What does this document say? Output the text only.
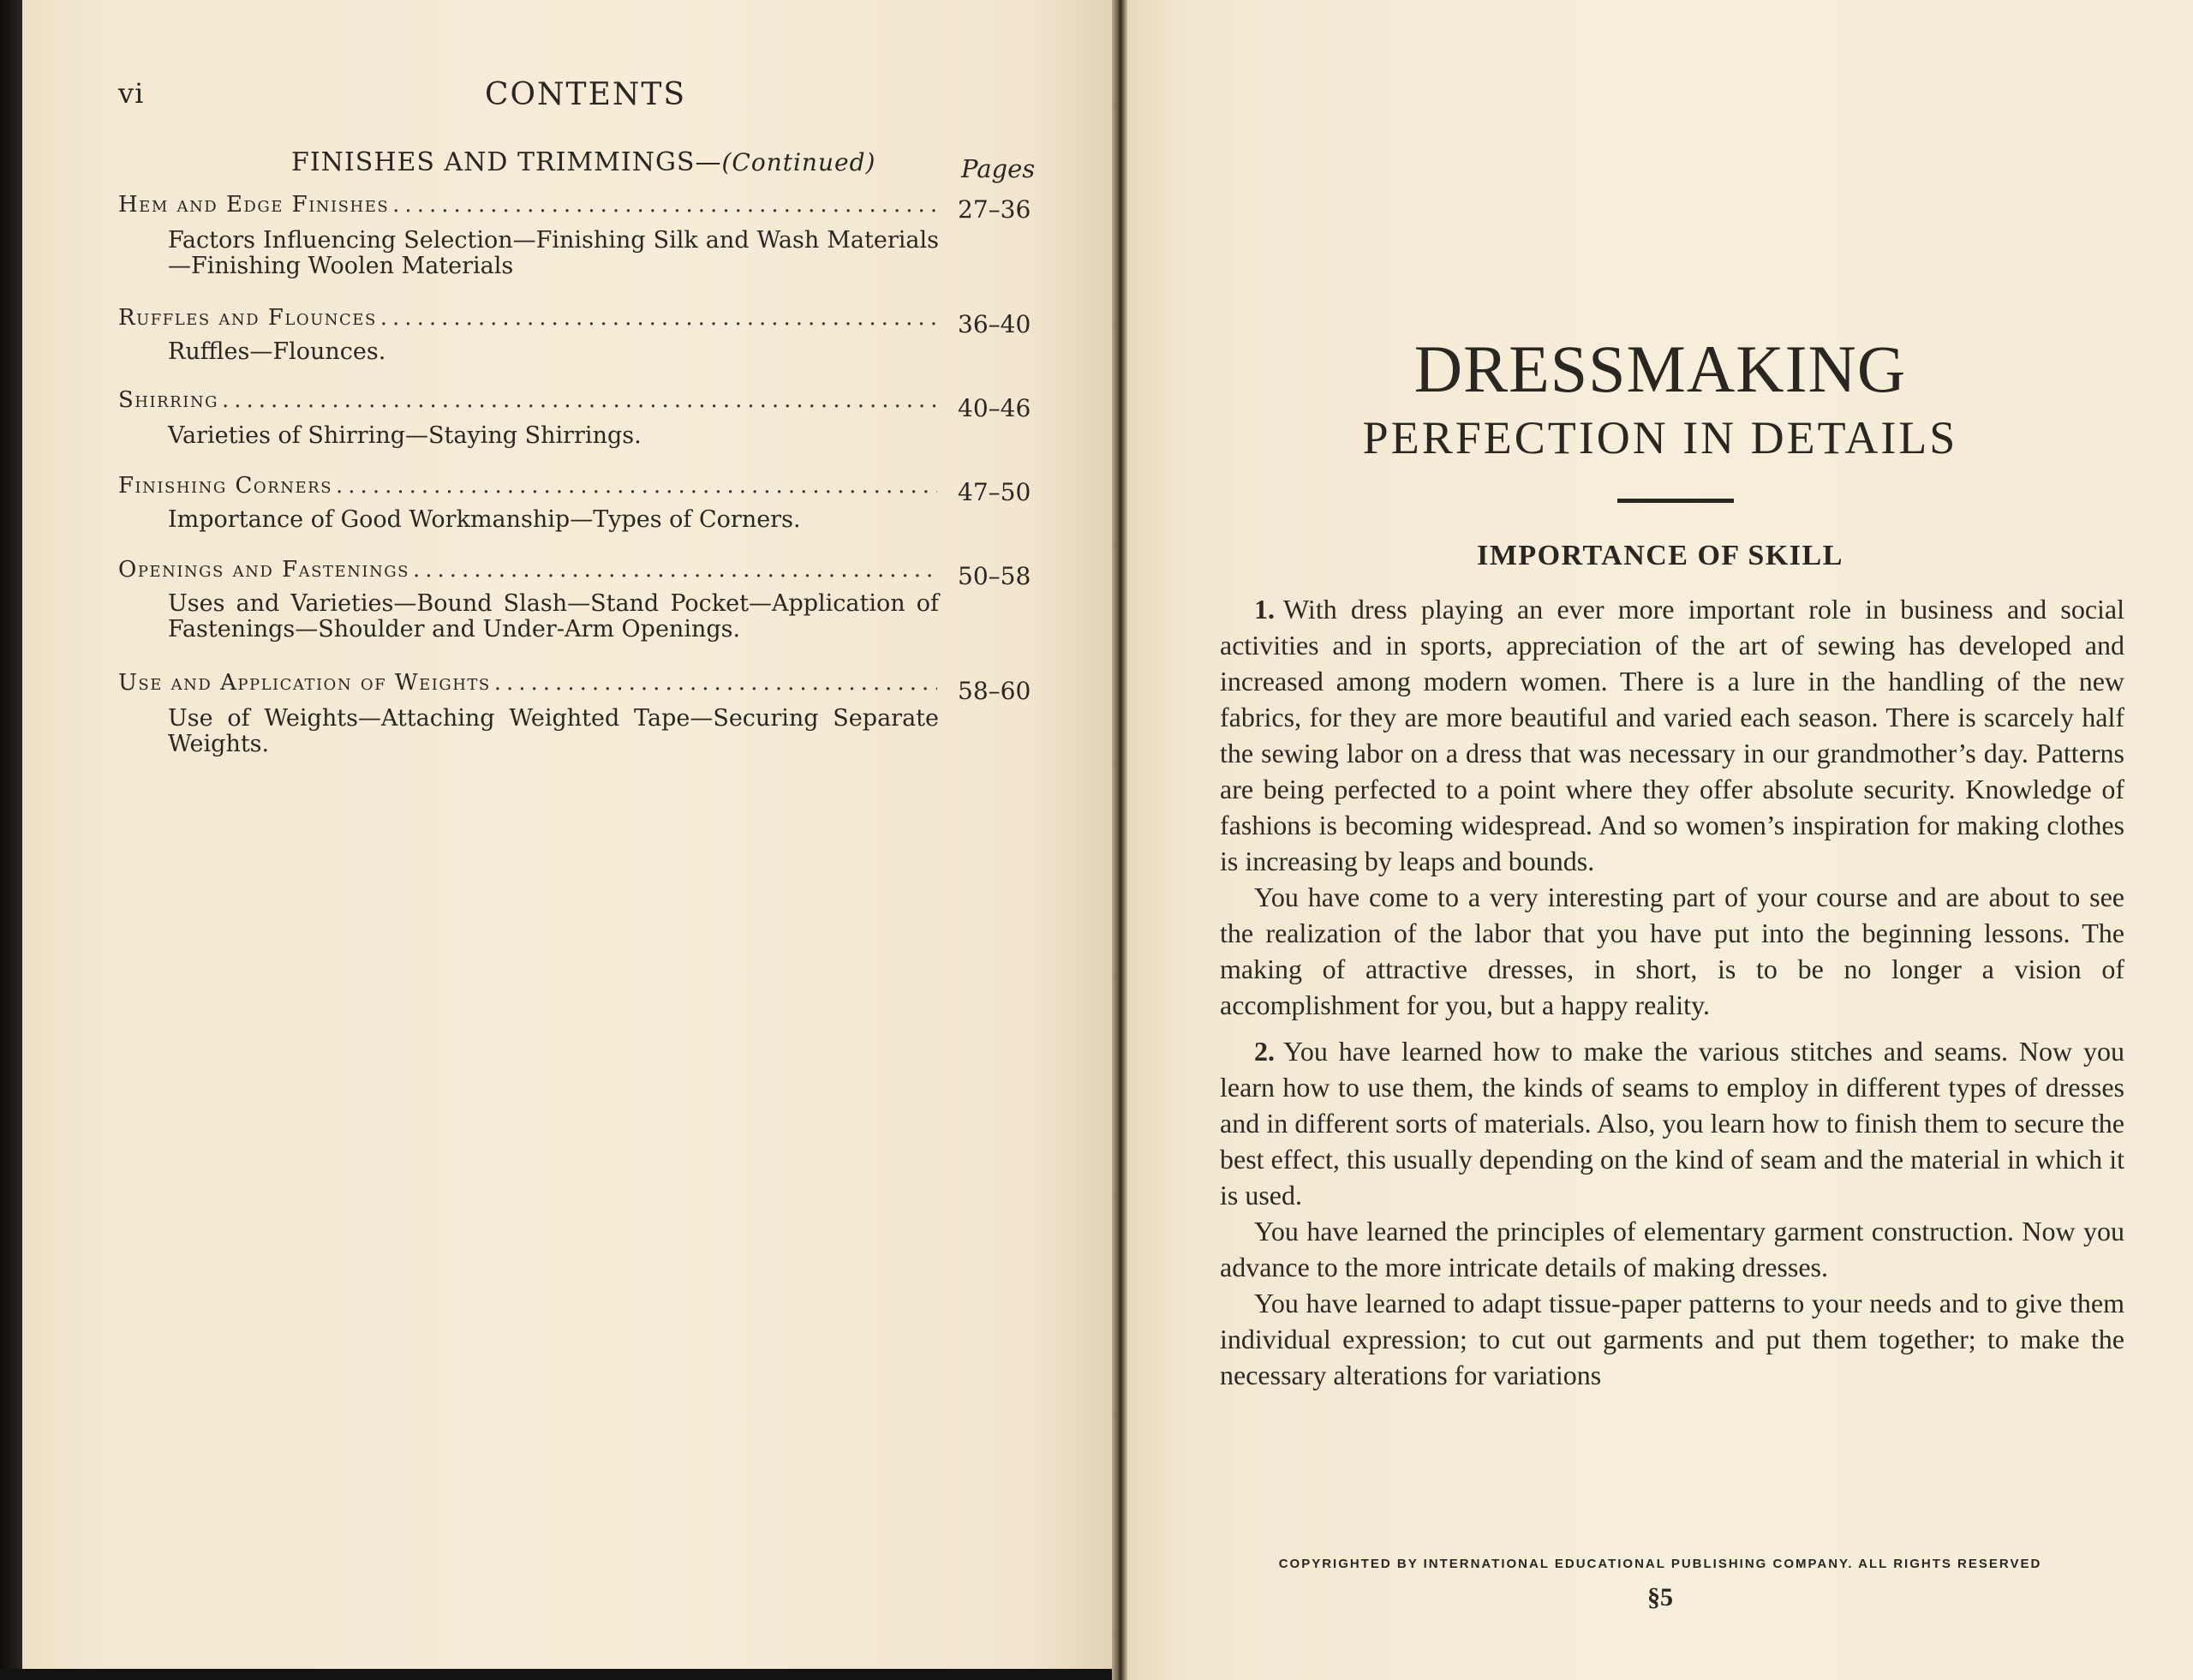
vi	CONTENTS
FINISHES AND TRIMMINGS—(Continued)	Pages
Hem and Edge Finishes .....	27–36
Factors Influencing Selection—Finishing Silk and Wash Materials—Finishing Woolen Materials
Ruffles and Flounces .....	36–40
Ruffles—Flounces.
Shirring .....	40–46
Varieties of Shirring—Staying Shirrings.
Finishing Corners .....	47–50
Importance of Good Workmanship—Types of Corners.
Openings and Fastenings .....	50–58
Uses and Varieties—Bound Slash—Stand Pocket—Application of Fastenings—Shoulder and Under-Arm Openings.
Use and Application of Weights .....	58–60
Use of Weights—Attaching Weighted Tape—Securing Separate Weights.
DRESSMAKING
PERFECTION IN DETAILS
IMPORTANCE OF SKILL

1. With dress playing an ever more important role in business and social activities and in sports, appreciation of the art of sewing has developed and increased among modern women. There is a lure in the handling of the new fabrics, for they are more beautiful and varied each season. There is scarcely half the sewing labor on a dress that was necessary in our grandmother’s day. Patterns are being perfected to a point where they offer absolute security. Knowledge of fashions is becoming widespread. And so women’s inspiration for making clothes is increasing by leaps and bounds.

You have come to a very interesting part of your course and are about to see the realization of the labor that you have put into the beginning lessons. The making of attractive dresses, in short, is to be no longer a vision of accomplishment for you, but a happy reality.

2. You have learned how to make the various stitches and seams. Now you learn how to use them, the kinds of seams to employ in different types of dresses and in different sorts of materials. Also, you learn how to finish them to secure the best effect, this usually depending on the kind of seam and the material in which it is used.

You have learned the principles of elementary garment construction. Now you advance to the more intricate details of making dresses.

You have learned to adapt tissue-paper patterns to your needs and to give them individual expression; to cut out garments and put them together; to make the necessary alterations for variations

COPYRIGHTED BY INTERNATIONAL EDUCATIONAL PUBLISHING COMPANY. ALL RIGHTS RESERVED
§5
